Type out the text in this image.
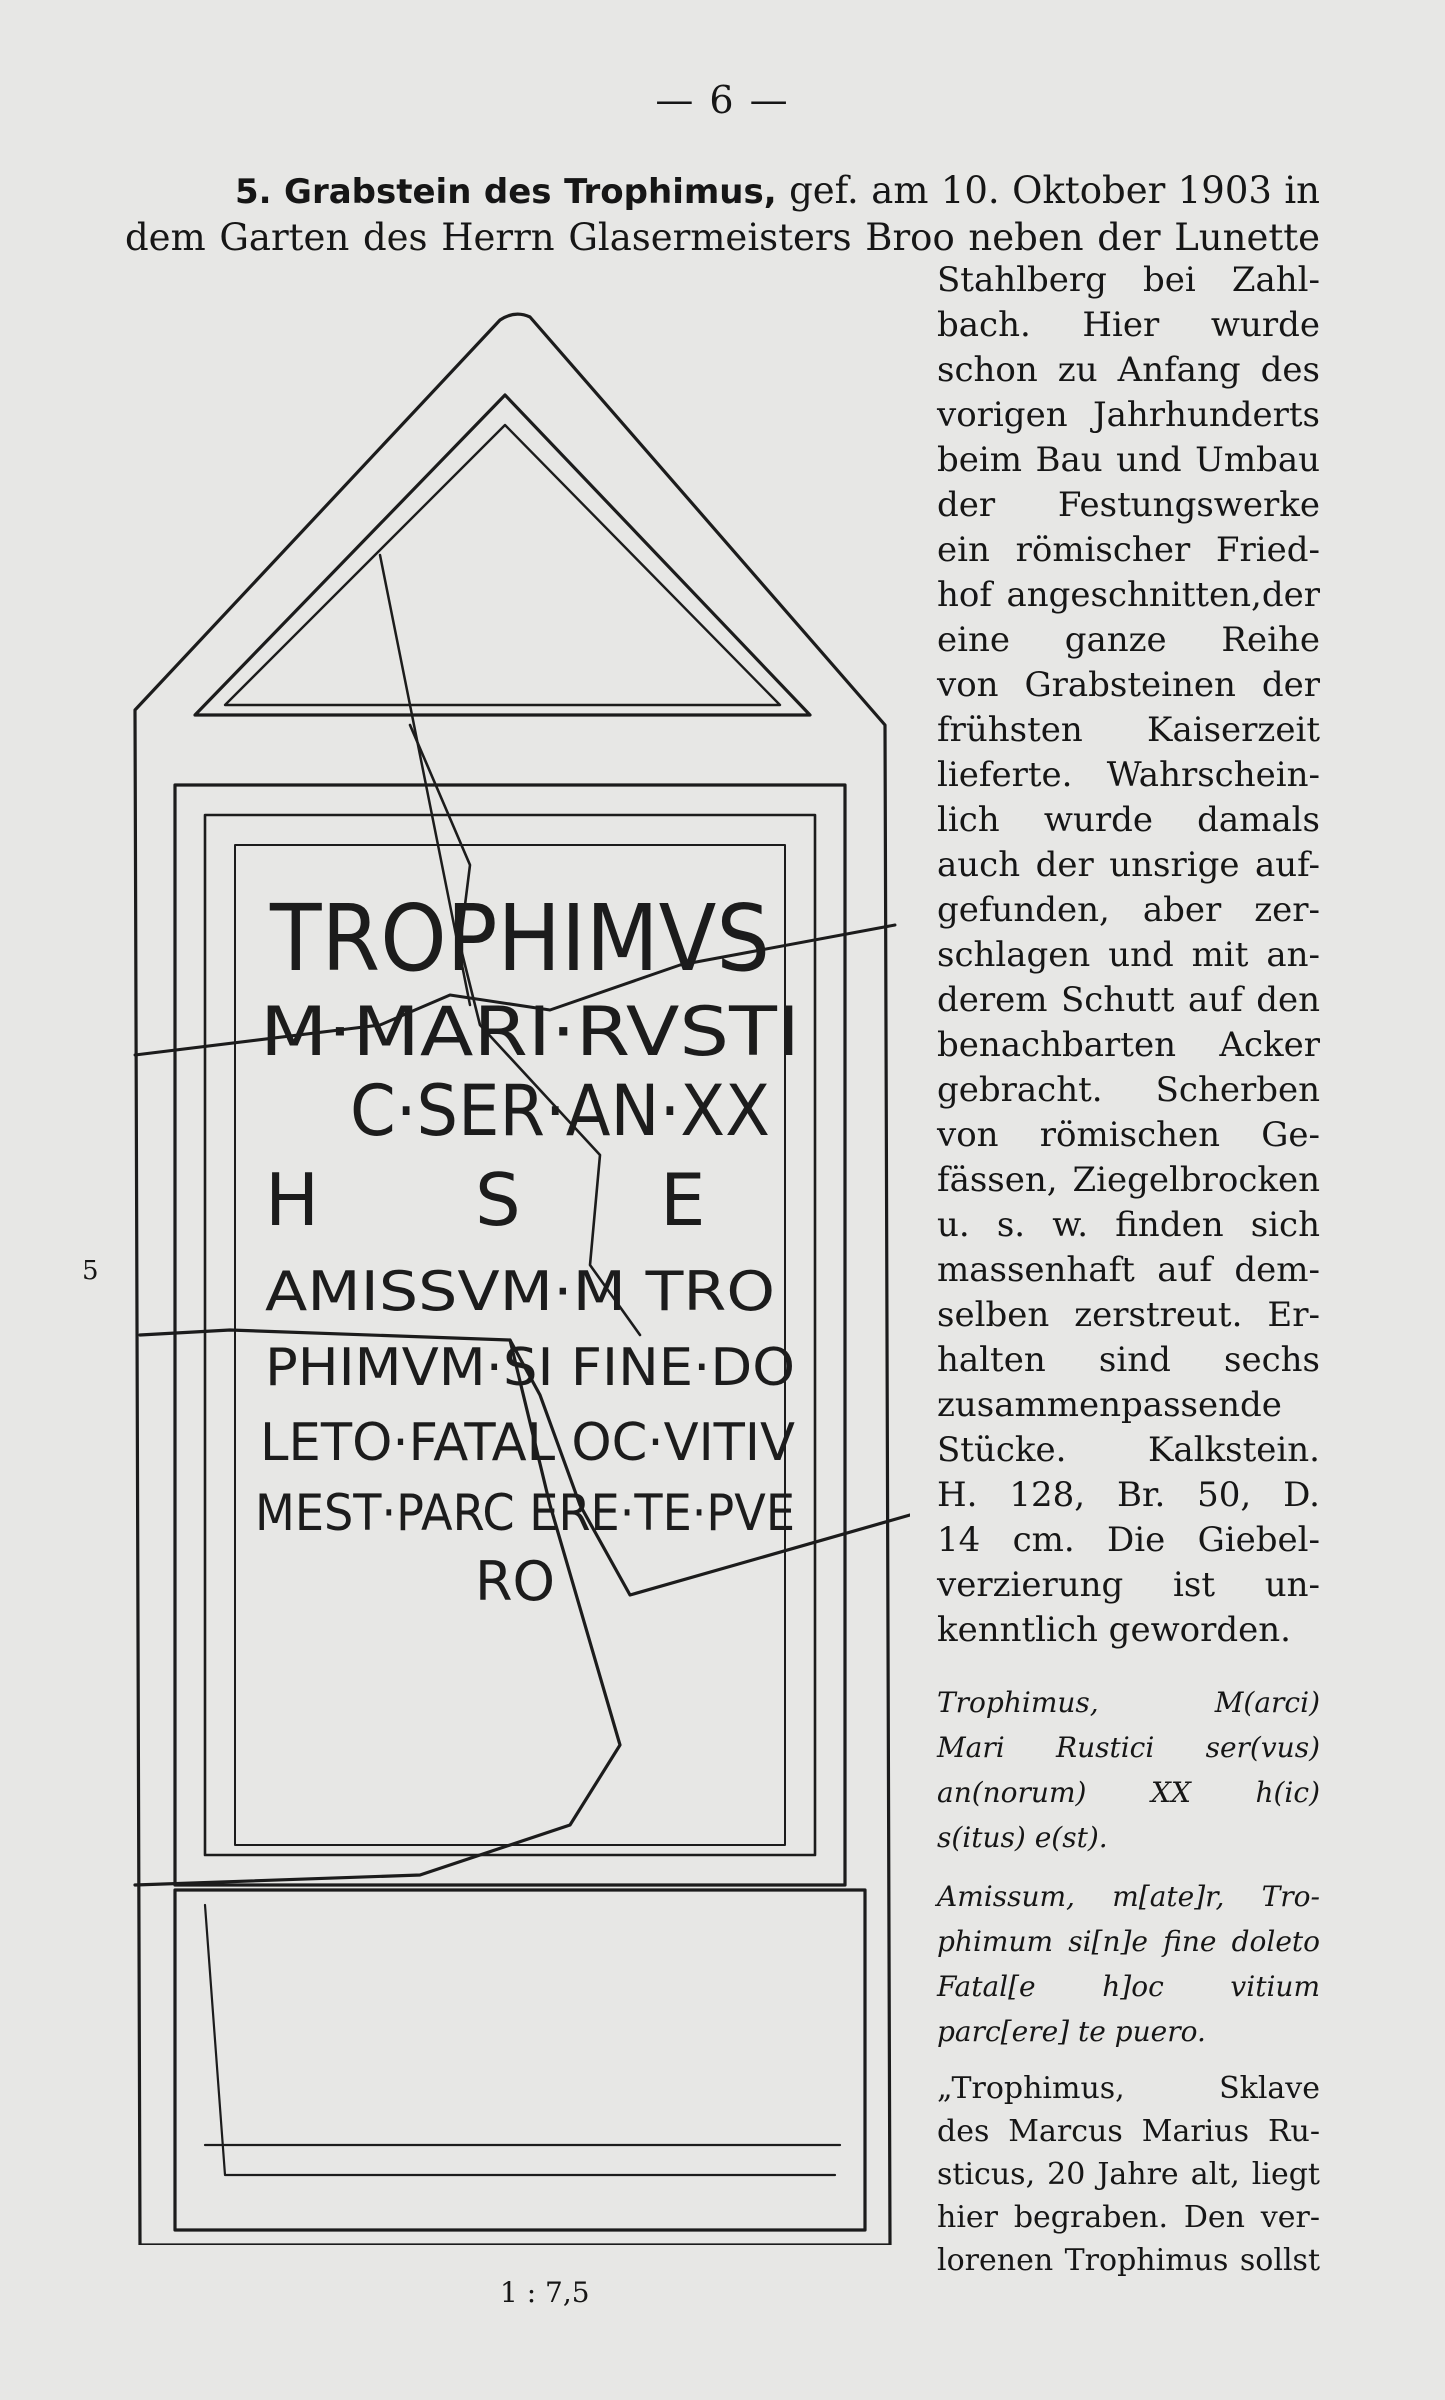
— 6 —
5. Grabstein des Trophimus, gef. am 10. Oktober 1903 in
dem Garten des Herrn Glasermeisters Broo neben der Lunette
Stahlberg bei Zahl-
bach. Hier wurde
schon zu Anfang des
vorigen Jahrhunderts
beim Bau und Umbau
der Festungswerke
ein römischer Fried-
hof angeschnitten,der
eine ganze Reihe
von Grabsteinen der
frühsten Kaiserzeit
lieferte. Wahrschein-
lich wurde damals
auch der unsrige auf-
gefunden, aber zer-
schlagen und mit an-
derem Schutt auf den
benachbarten Acker
gebracht. Scherben
von römischen Ge-
fässen, Ziegelbrocken
u. s. w. finden sich
massenhaft auf dem-
selben zerstreut. Er-
halten sind sechs
zusammenpassende
Stücke. Kalkstein.
H. 128, Br. 50, D.
14 cm. Die Giebel-
verzierung ist un-
kenntlich geworden.
Trophimus, M(arci)
Mari Rustici ser(vus)
an(norum) XX h(ic)
s(itus) e(st).
Amissum, m[ate]r, Tro-
phimum si[n]e fine doleto
Fatal[e h]oc vitium
parc[ere] te puero.
„Trophimus, Sklave
des Marcus Marius Ru-
sticus, 20 Jahre alt, liegt
hier begraben. Den ver-
lorenen Trophimus sollst
5
1 : 7,5
TROPHIMVS
M·MARI·RVSTI
C·SER·AN·XX
H S E
AMISSVM·M TRO
PHIMVM·SI FINE·DO
LETO·FATAL OC·VITIV
MEST·PARC ERE·TE·PVE
RO
